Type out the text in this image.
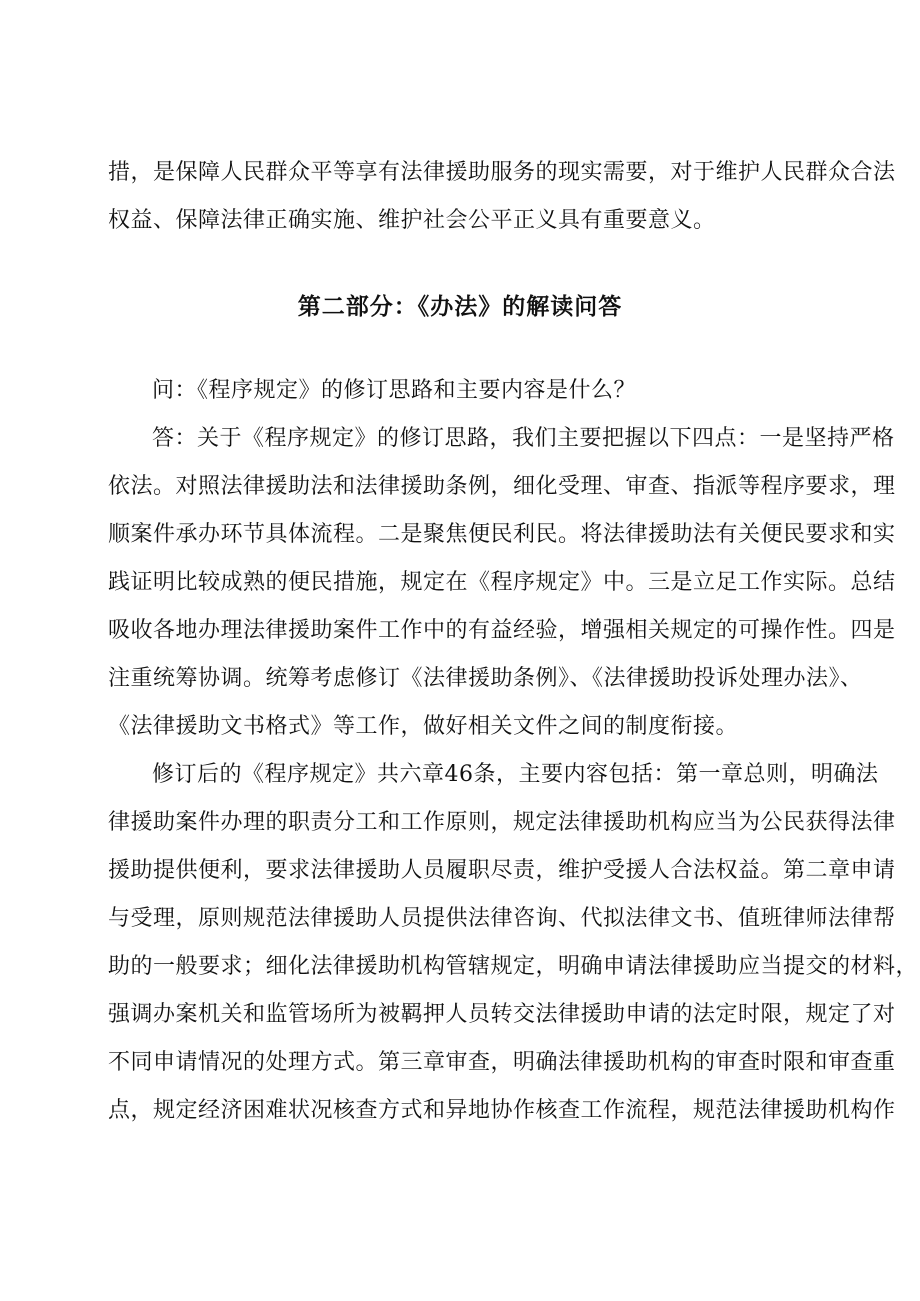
措，是保障人民群众平等享有法律援助服务的现实需要，对于维护人民群众合法
权益、保障法律正确实施、维护社会公平正义具有重要意义。
第二部分：《办法》的解读问答
问：《程序规定》的修订思路和主要内容是什么？
答：关于《程序规定》的修订思路，我们主要把握以下四点：一是坚持严格
依法。对照法律援助法和法律援助条例，细化受理、审查、指派等程序要求，理
顺案件承办环节具体流程。二是聚焦便民利民。将法律援助法有关便民要求和实
践证明比较成熟的便民措施，规定在《程序规定》中。三是立足工作实际。总结
吸收各地办理法律援助案件工作中的有益经验，增强相关规定的可操作性。四是
注重统筹协调。统筹考虑修订《法律援助条例》、《法律援助投诉处理办法》、
《法律援助文书格式》等工作，做好相关文件之间的制度衔接。
修订后的《程序规定》共六章46条，主要内容包括：第一章总则，明确法
律援助案件办理的职责分工和工作原则，规定法律援助机构应当为公民获得法律
援助提供便利，要求法律援助人员履职尽责，维护受援人合法权益。第二章申请
与受理，原则规范法律援助人员提供法律咨询、代拟法律文书、值班律师法律帮
助的一般要求；细化法律援助机构管辖规定，明确申请法律援助应当提交的材料，
强调办案机关和监管场所为被羁押人员转交法律援助申请的法定时限，规定了对
不同申请情况的处理方式。第三章审查，明确法律援助机构的审查时限和审查重
点，规定经济困难状况核查方式和异地协作核查工作流程，规范法律援助机构作
